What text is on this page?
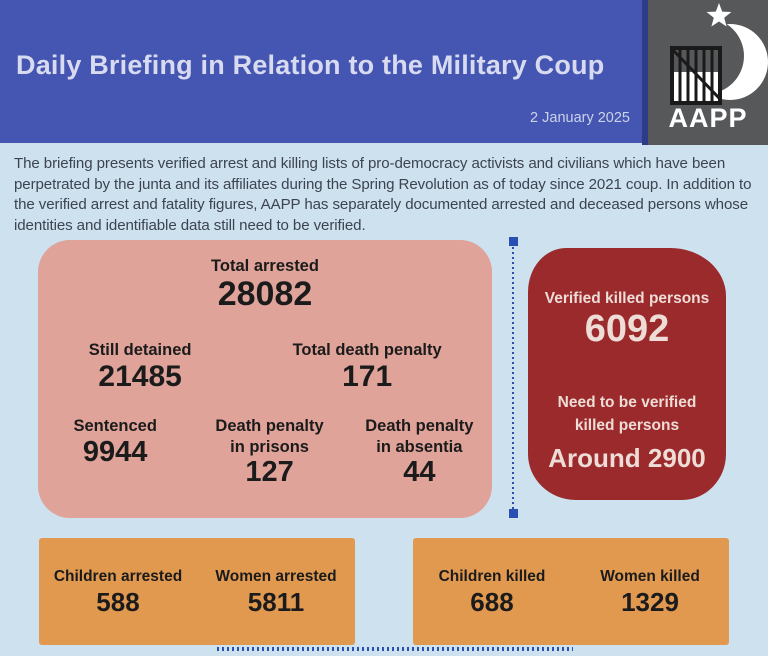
Daily Briefing in Relation to the Military Coup
2 January 2025	AAPP
The briefing presents verified arrest and killing lists of pro-democracy activists and civilians which have been perpetrated by the junta and its affiliates during the Spring Revolution as of today since 2021 coup. In addition to the verified arrest and fatality figures, AAPP has separately documented arrested and deceased persons whose identities and identifiable data still need to be verified.
Total arrested
28082
Still detained
21485
Total death penalty
171
Sentenced
9944
Death penalty in prisons
127
Death penalty in absentia
44
Verified killed persons
6092
Need to be verified killed persons
Around 2900
Children arrested
588
Women arrested
5811
Children killed
688
Women killed
1329
